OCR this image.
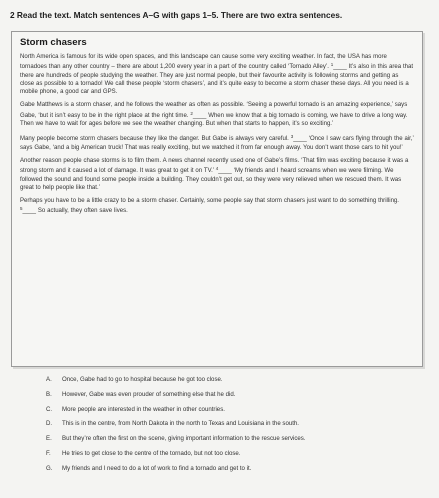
2 Read the text. Match sentences A–G with gaps 1–5. There are two extra sentences.
Storm chasers

North America is famous for its wide open spaces, and this landscape can cause some very exciting weather. In fact, the USA has more tornadoes than any other country – there are about 1,200 every year in a part of the country called ‘Tornado Alley’. $^1$____ It’s also in this area that there are hundreds of people studying the weather. They are just normal people, but their favourite activity is following storms and getting as close as possible to a tornado! We call these people ‘storm chasers’, and it’s quite easy to become a storm chaser these days. All you need is a mobile phone, a good car and GPS.

Gabe Matthews is a storm chaser, and he follows the weather as often as possible. ‘Seeing a powerful tornado is an amazing experience,’ says Gabe, ‘but it isn’t easy to be in the right place at the right time. $^2$____ When we know that a big tornado is coming, we have to drive a long way. Then we have to wait for ages before we see the weather changing. But when that starts to happen, it’s so exciting.’

Many people become storm chasers because they like the danger. But Gabe is always very careful. $^3$____ ‘Once I saw cars flying through the air,’ says Gabe, ‘and a big American truck! That was really exciting, but we watched it from far enough away. You don’t want those cars to hit you!’

Another reason people chase storms is to film them. A news channel recently used one of Gabe’s films. ‘That film was exciting because it was a strong storm and it caused a lot of damage. It was great to get it on TV.’ $^4$____ ‘My friends and I heard screams when we were filming. We followed the sound and found some people inside a building. They couldn’t get out, so they were very relieved when we rescued them. It was great to help people like that.’

Perhaps you have to be a little crazy to be a storm chaser. Certainly, some people say that storm chasers just want to do something thrilling. $^5$____ So actually, they often save lives.

A.	Once, Gabe had to go to hospital because he got too close.
B.	However, Gabe was even prouder of something else that he did.
C.	More people are interested in the weather in other countries.
D.	This is in the centre, from North Dakota in the north to Texas and Louisiana in the south.
E.	But they’re often the first on the scene, giving important information to the rescue services.
F.	He tries to get close to the centre of the tornado, but not too close.
G.	My friends and I need to do a lot of work to find a tornado and get to it.
